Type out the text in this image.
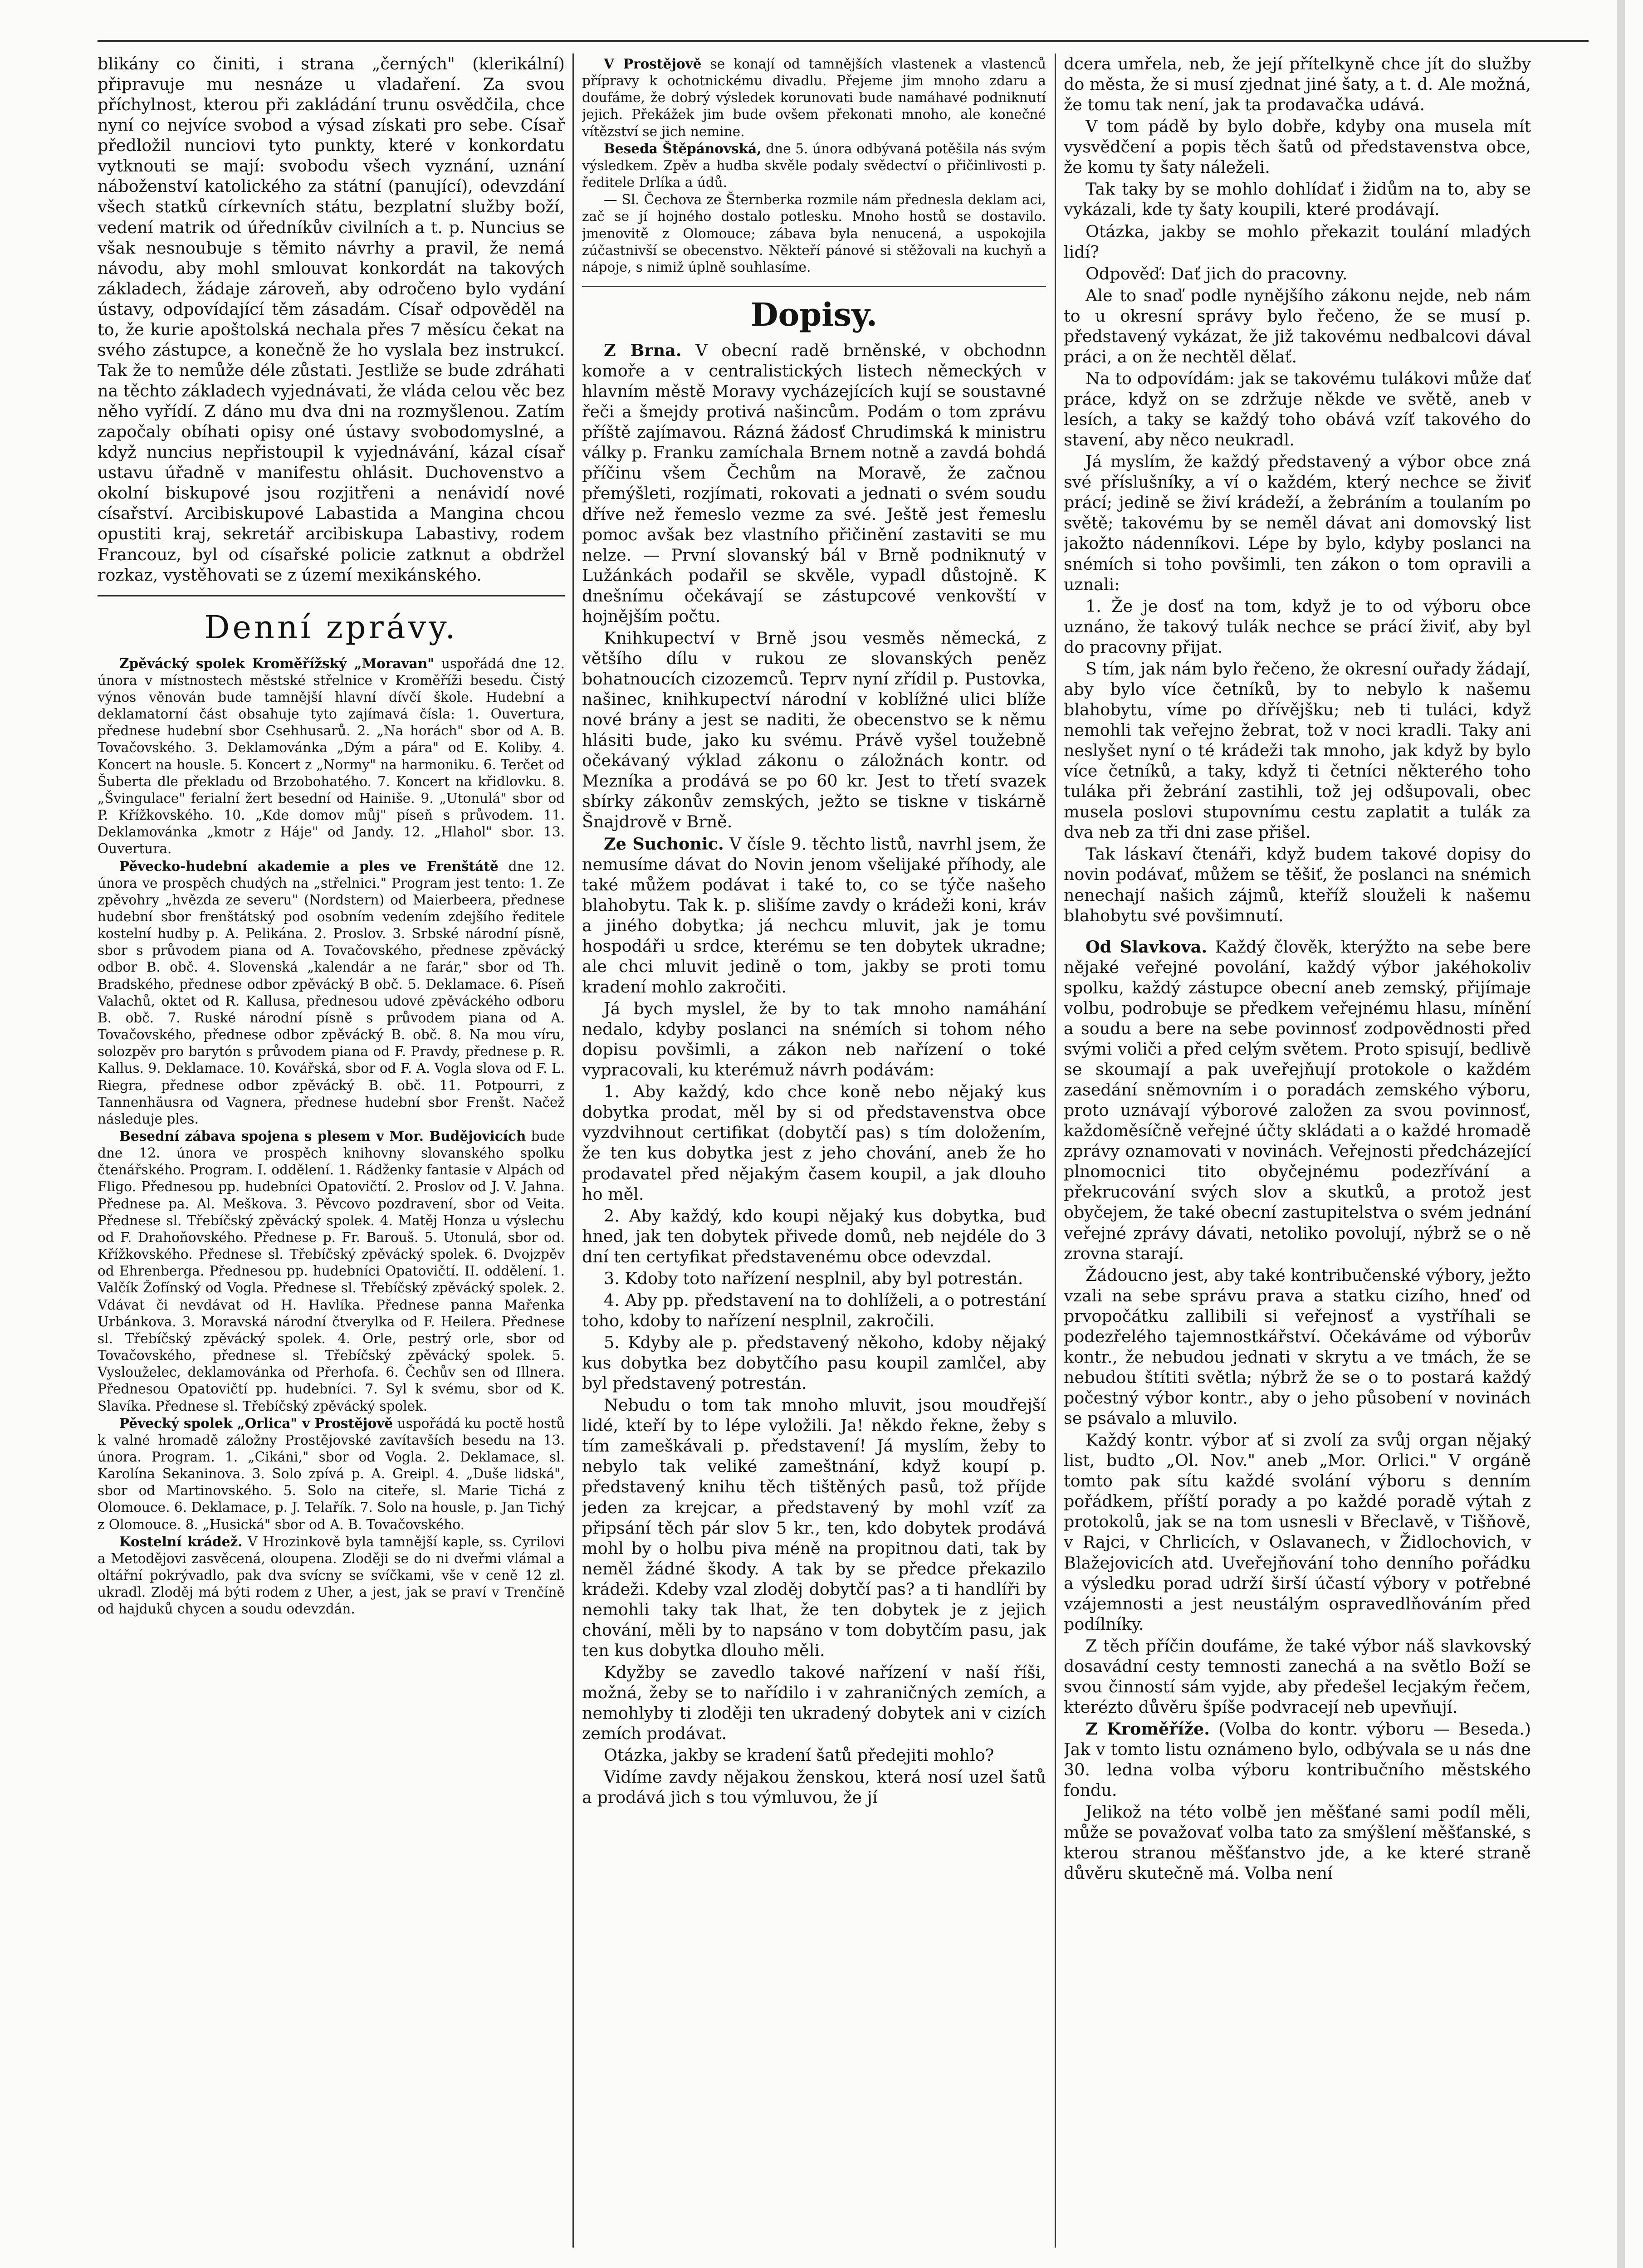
blikány co činiti, i strana „černých" (klerikální) připravuje mu nesnáze u vladaření. Za svou příchylnost, kterou při zakládání trunu osvědčila, chce nyní co nejvíce svobod a výsad získati pro sebe. Císař předložil nunciovi tyto punkty, které v konkordatu vytknouti se mají: svobodu všech vyznání, uznání náboženství katolického za státní (panující), odevzdání všech statků církevních státu, bezplatní služby boží, vedení matrik od úředníkův civilních a t. p. Nuncius se však nesnoubuje s těmito návrhy a pravil, že nemá návodu, aby mohl smlouvat konkordát na takových základech, žádaje zároveň, aby odročeno bylo vydání ústavy, odpovídající těm zásadám. Císař odpověděl na to, že kurie apoštolská nechala přes 7 měsícu čekat na svého zástupce, a konečně že ho vyslala bez instrukcí. Tak že to nemůže déle zůstati. Jestliže se bude zdráhati na těchto základech vyjednávati, že vláda celou věc bez něho vyřídí. Z dáno mu dva dni na rozmyšlenou. Zatím započaly obíhati opisy oné ústavy svobodomyslné, a když nuncius nepřistoupil k vyjednávání, kázal císař ustavu úřadně v manifestu ohlásit. Duchovenstvo a okolní biskupové jsou rozjitřeni a nenávidí nové císařství. Arcibiskupové Labastida a Mangina chcou opustiti kraj, sekretář arcibiskupa Labastivy, rodem Francouz, byl od císařské policie zatknut a obdržel rozkaz, vystěhovati se z území mexikánského.

Denní zprávy.

Zpěvácký spolek Kroměřížský „Moravan" uspořádá dne 12. února v místnostech městské střelnice v Kroměříži besedu. Čistý výnos věnován bude tamnější hlavní dívčí škole. Hudební a deklamatorní část obsahuje tyto zajímavá čísla: 1. Ouvertura, přednese hudební sbor Csehhusarů. 2. „Na horách" sbor od A. B. Tovačovského. 3. Deklamovánka „Dým a pára" od E. Koliby. 4. Koncert na housle. 5. Koncert z „Normy" na harmoniku. 6. Terčet od Šuberta dle překladu od Brzobohatého. 7. Koncert na křidlovku. 8. „Švingulace" ferialní žert besední od Hainiše. 9. „Utonulá" sbor od P. Křížkovského. 10. „Kde domov můj" píseň s průvodem. 11. Deklamovánka „kmotr z Háje" od Jandy. 12. „Hlahol" sbor. 13. Ouvertura.

Pěvecko-hudební akademie a ples ve Frenštátě dne 12. února ve prospěch chudých na „střelnici." Program jest tento: 1. Ze zpěvohry „hvězda ze severu" (Nordstern) od Maierbeera, přednese hudební sbor frenštátský pod osobním vedením zdejšího ředitele kostelní hudby p. A. Pelikána. 2. Proslov. 3. Srbské národní písně, sbor s průvodem piana od A. Tovačovského, přednese zpěvácký odbor B. obč. 4. Slovenská „kalendár a ne farár," sbor od Th. Bradského, přednese odbor zpěvácký B obč. 5. Deklamace. 6. Píseň Valachů, oktet od R. Kallusa, přednesou udové zpěváckého odboru B. obč. 7. Ruské národní písně s průvodem piana od A. Tovačovského, přednese odbor zpěvácký B. obč. 8. Na mou víru, solozpěv pro barytón s průvodem piana od F. Pravdy, přednese p. R. Kallus. 9. Deklamace. 10. Kovářská, sbor od F. A. Vogla slova od F. L. Riegra, přednese odbor zpěvácký B. obč. 11. Potpourri, z Tannenhäusra od Vagnera, přednese hudební sbor Frenšt. Načež následuje ples.

Besední zábava spojena s plesem v Mor. Budějovicích bude dne 12. února ve prospěch knihovny slovanského spolku čtenářského. Program. I. oddělení. 1. Rádženky fantasie v Alpách od Fligo. Přednesou pp. hudebníci Opatovičtí. 2. Proslov od J. V. Jahna. Přednese pa. Al. Meškova. 3. Pěvcovo pozdravení, sbor od Veita. Přednese sl. Třebíčský zpěvácký spolek. 4. Matěj Honza u výslechu od F. Drahoňovského. Přednese p. Fr. Barouš. 5. Utonulá, sbor od. Křížkovského. Přednese sl. Třebíčský zpěvácký spolek. 6. Dvojzpěv od Ehrenberga. Přednesou pp. hudebníci Opatovičtí. II. oddělení. 1. Valčík Žofínský od Vogla. Přednese sl. Třebíčský zpěvácký spolek. 2. Vdávat či nevdávat od H. Havlíka. Přednese panna Mařenka Urbánkova. 3. Moravská národní čtverylka od F. Heilera. Přednese sl. Třebíčský zpěvácký spolek. 4. Orle, pestrý orle, sbor od Tovačovského, přednese sl. Třebíčský zpěvácký spolek. 5. Vyslouželec, deklamovánka od Přerhofa. 6. Čechův sen od Illnera. Přednesou Opatovičtí pp. hudebníci. 7. Syl k svému, sbor od K. Slavíka. Přednese sl. Třebíčský zpěvácký spolek.

Pěvecký spolek „Orlica" v Prostějově uspořádá ku poctě hostů k valné hromadě záložny Prostějovské zavítavších besedu na 13. února. Program. 1. „Cikáni," sbor od Vogla. 2. Deklamace, sl. Karolína Sekaninova. 3. Solo zpívá p. A. Greipl. 4. „Duše lidská", sbor od Martinovského. 5. Solo na citeře, sl. Marie Tichá z Olomouce. 6. Deklamace, p. J. Telařík. 7. Solo na housle, p. Jan Tichý z Olomouce. 8. „Husická" sbor od A. B. Tovačovského.

Kostelní krádež. V Hrozinkově byla tamnější kaple, ss. Cyrilovi a Metodějovi zasvěcená, oloupena. Zloději se do ni dveřmi vlámal a oltářní pokrývadlo, pak dva svícny se svíčkami, vše v ceně 12 zl. ukradl. Zloděj má býti rodem z Uher, a jest, jak se praví v Trenčíně od hajduků chycen a soudu odevzdán.

V Prostějově se konají od tamnějších vlastenek a vlastenců přípravy k ochotnickému divadlu. Přejeme jim mnoho zdaru a doufáme, že dobrý výsledek korunovati bude namáhavé podniknutí jejich. Překážek jim bude ovšem překonati mnoho, ale konečné vítězství se jich nemine.

Beseda Štěpánovská, dne 5. února odbývaná potěšila nás svým výsledkem. Zpěv a hudba skvěle podaly svědectví o přičinlivosti p. ředitele Drlíka a údů.

— Sl. Čechova ze Šternberka rozmile nám přednesla deklam aci, zač se jí hojného dostalo potlesku. Mnoho hostů se dostavilo. jmenovitě z Olomouce; zábava byla nenucená, a uspokojila zúčastnivší se obecenstvo. Někteří pánové si stěžovali na kuchyň a nápoje, s nimiž úplně souhlasíme.

Dopisy.

Z Brna. V obecní radě brněnské, v obchodnn komoře a v centralistických listech německých v hlavním městě Moravy vycházejících kují se soustavné řeči a šmejdy protivá našincům. Podám o tom zprávu příště zajímavou. Rázná žádosť Chrudimská k ministru války p. Franku zamíchala Brnem notně a zavdá bohdá příčinu všem Čechům na Moravě, že začnou přemýšleti, rozjímati, rokovati a jednati o svém soudu dříve než řemeslo vezme za své. Ještě jest řemeslu pomoc avšak bez vlastního přičinění zastaviti se mu nelze. — První slovanský bál v Brně podniknutý v Lužánkách podařil se skvěle, vypadl důstojně. K dnešnímu očekávají se zástupcové venkovští v hojnějším počtu.

Knihkupectví v Brně jsou vesměs německá, z většího dílu v rukou ze slovanských peněz bohatnoucích cizozemců. Teprv nyní zřídil p. Pustovka, našinec, knihkupectví národní v koblížné ulici blíže nové brány a jest se naditi, že obecenstvo se k němu hlásiti bude, jako ku svému. Právě vyšel toužebně očekávaný výklad zákonu o záložnách kontr. od Mezníka a prodává se po 60 kr. Jest to třetí svazek sbírky zákonův zemských, ježto se tiskne v tiskárně Šnajdrově v Brně.

Ze Suchonic. V čísle 9. těchto listů, navrhl jsem, že nemusíme dávat do Novin jenom všelijaké příhody, ale také můžem podávat i také to, co se týče našeho blahobytu. Tak k. p. slišíme zavdy o krádeži koni, kráv a jiného dobytka; já nechcu mluvit, jak je tomu hospodáři u srdce, kterému se ten dobytek ukradne; ale chci mluvit jedině o tom, jakby se proti tomu kradení mohlo zakročiti.

Já bych myslel, že by to tak mnoho namáhání nedalo, kdyby poslanci na snémích si tohom ného dopisu povšimli, a zákon neb nařízení o toké vypracovali, ku kterémuž návrh podávám:

1. Aby každý, kdo chce koně nebo nějaký kus dobytka prodat, měl by si od představenstva obce vyzdvihnout certifikat (dobytčí pas) s tím doložením, že ten kus dobytka jest z jeho chování, aneb že ho prodavatel před nějakým časem koupil, a jak dlouho ho měl.

2. Aby každý, kdo koupi nějaký kus dobytka, buď hned, jak ten dobytek přivede domů, neb nejdéle do 3 dní ten certyfikat představenému obce odevzdal.

3. Kdoby toto nařízení nesplnil, aby byl potrestán.

4. Aby pp. představení na to dohlíželi, a o potrestání toho, kdoby to nařízení nesplnil, zakročili.

5. Kdyby ale p. představený někoho, kdoby nějaký kus dobytka bez dobytčího pasu koupil zamlčel, aby byl představený potrestán.

Nebudu o tom tak mnoho mluvit, jsou moudřejší lidé, kteří by to lépe vyložili. Ja! někdo řekne, žeby s tím zameškávali p. představení! Já myslím, žeby to nebylo tak veliké zameštnání, když koupí p. představený knihu těch tištěných pasů, tož příjde jeden za krejcar, a představený by mohl vzíť za připsání těch pár slov 5 kr., ten, kdo dobytek prodává mohl by o holbu piva méně na propitnou dati, tak by neměl žádné škody. A tak by se předce překazilo krádeži. Kdeby vzal zloděj dobytčí pas? a ti handlíři by nemohli taky tak lhat, že ten dobytek je z jejich chování, měli by to napsáno v tom dobytčím pasu, jak ten kus dobytka dlouho měli.

Kdyžby se zavedlo takové nařízení v naší říši, možná, žeby se to nařídilo i v zahraničných zemích, a nemohlyby ti zloději ten ukradený dobytek ani v cizích zemích prodávat.

Otázka, jakby se kradení šatů předejiti mohlo?

Vidíme zavdy nějakou ženskou, která nosí uzel šatů a prodává jich s tou výmluvou, že jí

dcera umřela, neb, že její přítelkyně chce jít do služby do města, že si musí zjednat jiné šaty, a t. d. Ale možná, že tomu tak není, jak ta prodavačka udává.

V tom pádě by bylo dobře, kdyby ona musela mít vysvědčení a popis těch šatů od představenstva obce, že komu ty šaty náleželi.

Tak taky by se mohlo dohlídať i židům na to, aby se vykázali, kde ty šaty koupili, které prodávají.

Otázka, jakby se mohlo překazit toulání mladých lidí?

Odpověď: Dať jich do pracovny.

Ale to snaď podle nynějšího zákonu nejde, neb nám to u okresní správy bylo řečeno, že se musí p. představený vykázat, že již takovému nedbalcovi dával práci, a on že nechtěl dělať.

Na to odpovídám: jak se takovému tulákovi může dať práce, když on se zdržuje někde ve světě, aneb v lesích, a taky se každý toho obává vzíť takového do stavení, aby něco neukradl.

Já myslím, že každý představený a výbor obce zná své příslušníky, a ví o každém, který nechce se živiť prácí; jedině se živí krádeží, a žebráním a toulaním po světě; takovému by se neměl dávat ani domovský list jakožto nádenníkovi. Lépe by bylo, kdyby poslanci na snémích si toho povšimli, ten zákon o tom opravili a uznali:

1. Že je dosť na tom, když je to od výboru obce uznáno, že takový tulák nechce se prácí živiť, aby byl do pracovny přijat.

S tím, jak nám bylo řečeno, že okresní ouřady žádají, aby bylo více četníků, by to nebylo k našemu blahobytu, víme po dřívějšku; neb ti tuláci, když nemohli tak veřejno žebrat, tož v noci kradli. Taky ani neslyšet nyní o té krádeži tak mnoho, jak když by bylo více četníků, a taky, když ti četníci některého toho tuláka při žebrání zastihli, tož jej odšupovali, obec musela poslovi stupovnímu cestu zaplatit a tulák za dva neb za tři dni zase přišel.

Tak láskaví čtenáři, když budem takové dopisy do novin podávať, můžem se těšiť, že poslanci na snémich nenechají našich zájmů, kteříž slouželi k našemu blahobytu své povšimnutí.

Od Slavkova. Každý člověk, kterýžto na sebe bere nějaké veřejné povolání, každý výbor jakéhokoliv spolku, každý zástupce obecní aneb zemský, přijímaje volbu, podrobuje se předkem veřejnému hlasu, mínění a soudu a bere na sebe povinnosť zodpovědnosti před svými voliči a před celým světem. Proto spisují, bedlivě se skoumají a pak uveřejňují protokole o každém zasedání sněmovním i o poradách zemského výboru, proto uznávají výborové založen za svou povinnosť, každoměsíčně veřejné účty skládati a o každé hromadě zprávy oznamovati v novinách. Veřejnosti předcházející plnomocnici tito obyčejnému podezřívání a překrucování svých slov a skutků, a protož jest obyčejem, že také obecní zastupitelstva o svém jednání veřejné zprávy dávati, netoliko povolují, nýbrž se o ně zrovna starají.

Žádoucno jest, aby také kontribučenské výbory, ježto vzali na sebe správu prava a statku cizího, hneď od prvopočátku zallibili si veřejnosť a vystříhali se podezřelého tajemnostkářství. Očekáváme od výborův kontr., že nebudou jednati v skrytu a ve tmách, že se nebudou štítiti světla; nýbrž že se o to postará každý počestný výbor kontr., aby o jeho působení v novinách se psávalo a mluvilo.

Každý kontr. výbor ať si zvolí za svůj organ nějaký list, budto „Ol. Nov." aneb „Mor. Orlici." V orgáně tomto pak sítu každé svolání výboru s denním pořádkem, příští porady a po každé poradě výtah z protokolů, jak se na tom usnesli v Břeclavě, v Tišňově, v Rajci, v Chrlicích, v Oslavanech, v Židlochovich, v Blažejovicích atd. Uveřejňování toho denního pořádku a výsledku porad udrží širší účastí výbory v potřebné vzájemnosti a jest neustálým ospravedlňováním před podílníky.

Z těch příčin doufáme, že také výbor náš slavkovský dosavádní cesty temnosti zanechá a na světlo Boží se svou činností sám vyjde, aby předešel lecjakým řečem, kterézto důvěru špíše podvracejí neb upevňují.

Z Kroměříže. (Volba do kontr. výboru — Beseda.) Jak v tomto listu oznámeno bylo, odbývala se u nás dne 30. ledna volba výboru kontribučního městského fondu.

Jelikož na této volbě jen měšťané sami podíl měli, může se považovať volba tato za smýšlení měšťanské, s kterou stranou měšťanstvo jde, a ke které straně důvěru skutečně má. Volba není
